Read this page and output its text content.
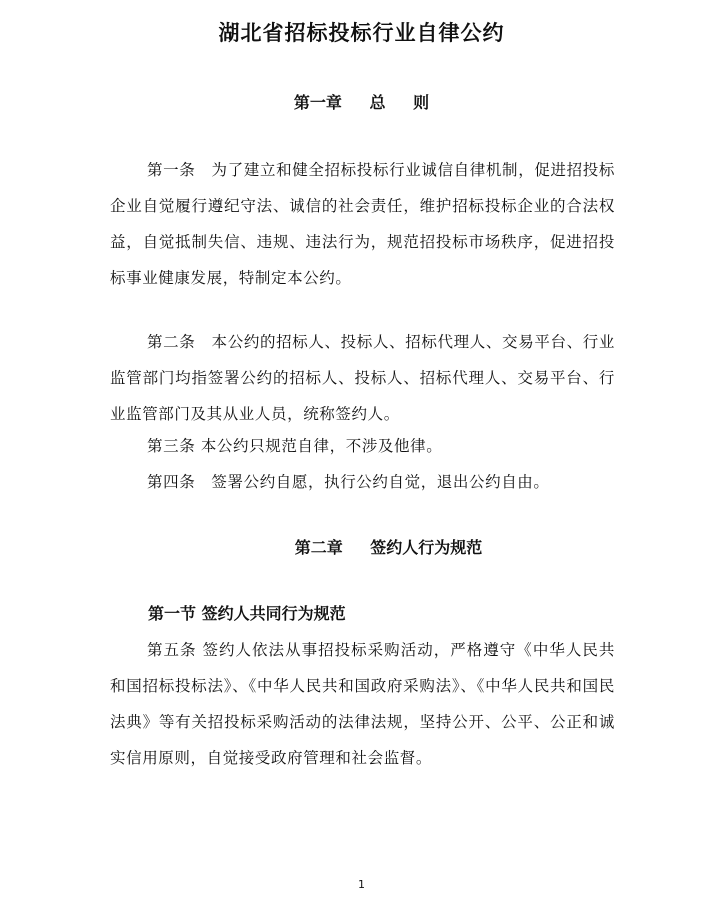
湖北省招标投标行业自律公约
第一章　 总　 则

第一条　为了建立和健全招标投标行业诚信自律机制，促进招投标企业自觉履行遵纪守法、诚信的社会责任，维护招标投标企业的合法权益，自觉抵制失信、违规、违法行为，规范招投标市场秩序，促进招投标事业健康发展，特制定本公约。

第二条　本公约的招标人、投标人、招标代理人、交易平台、行业监管部门均指签署公约的招标人、投标人、招标代理人、交易平台、行业监管部门及其从业人员，统称签约人。

第三条 本公约只规范自律，不涉及他律。

第四条　签署公约自愿，执行公约自觉，退出公约自由。

第二章　 签约人行为规范
第一节 签约人共同行为规范

第五条 签约人依法从事招投标采购活动，严格遵守《中华人民共和国招标投标法》、《中华人民共和国政府采购法》、《中华人民共和国民法典》等有关招投标采购活动的法律法规，坚持公开、公平、公正和诚实信用原则，自觉接受政府管理和社会监督。

1
